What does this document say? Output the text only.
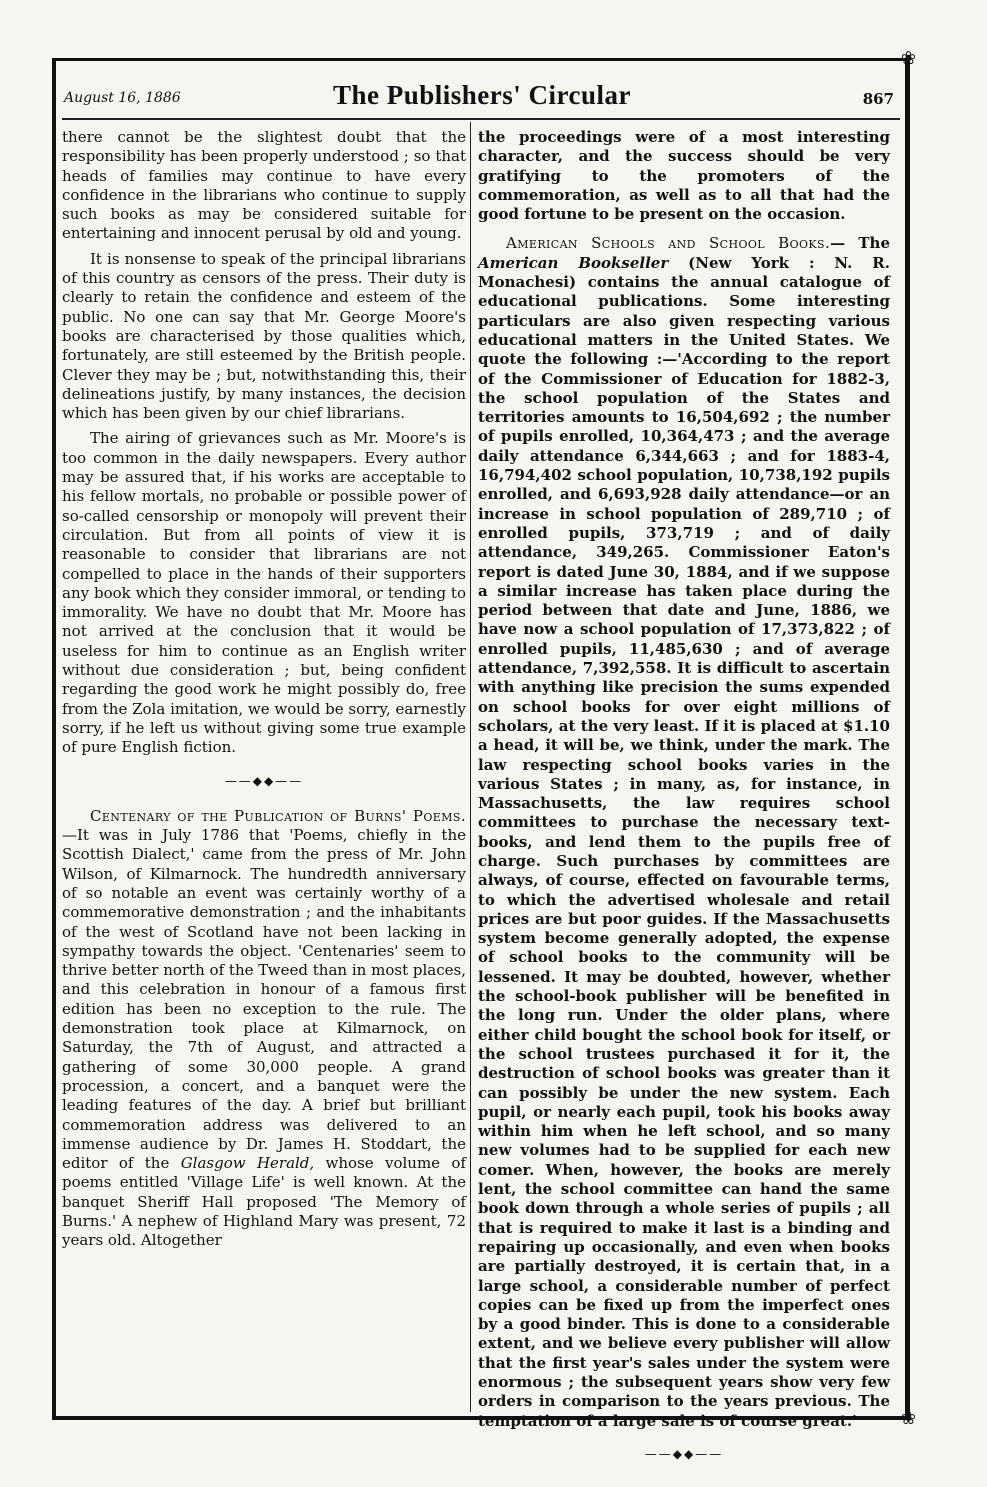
❀
❀
August 16, 1886	The Publishers' Circular	867

there cannot be the slightest doubt that the responsibility has been properly understood ; so that heads of families may continue to have every confidence in the librarians who continue to supply such books as may be considered suitable for entertaining and innocent perusal by old and young.

It is nonsense to speak of the principal librarians of this country as censors of the press. Their duty is clearly to retain the confidence and esteem of the public. No one can say that Mr. George Moore's books are characterised by those qualities which, fortunately, are still esteemed by the British people. Clever they may be ; but, notwithstanding this, their delineations justify, by many instances, the decision which has been given by our chief librarians.

The airing of grievances such as Mr. Moore's is too common in the daily newspapers. Every author may be assured that, if his works are acceptable to his fellow mortals, no probable or possible power of so-called censorship or monopoly will prevent their circulation. But from all points of view it is reasonable to consider that librarians are not compelled to place in the hands of their supporters any book which they consider immoral, or tending to immorality. We have no doubt that Mr. Moore has not arrived at the conclusion that it would be useless for him to continue as an English writer without due consideration ; but, being confident regarding the good work he might possibly do, free from the Zola imitation, we would be sorry, earnestly sorry, if he left us without giving some true example of pure English fiction.

——◆◆——

Centenary of the Publication of Burns' Poems.—It was in July 1786 that 'Poems, chiefly in the Scottish Dialect,' came from the press of Mr. John Wilson, of Kilmarnock. The hundredth anniversary of so notable an event was certainly worthy of a commemorative demonstration ; and the inhabitants of the west of Scotland have not been lacking in sympathy towards the object. 'Centenaries' seem to thrive better north of the Tweed than in most places, and this celebration in honour of a famous first edition has been no exception to the rule. The demonstration took place at Kilmarnock, on Saturday, the 7th of August, and attracted a gathering of some 30,000 people. A grand procession, a concert, and a banquet were the leading features of the day. A brief but brilliant commemoration address was delivered to an immense audience by Dr. James H. Stoddart, the editor of the Glasgow Herald, whose volume of poems entitled 'Village Life' is well known. At the banquet Sheriff Hall proposed 'The Memory of Burns.' A nephew of Highland Mary was present, 72 years old. Altogether

the proceedings were of a most interesting character, and the success should be very gratifying to the promoters of the commemoration, as well as to all that had the good fortune to be present on the occasion.

American Schools and School Books.— The American Bookseller (New York : N. R. Monachesi) contains the annual catalogue of educational publications. Some interesting particulars are also given respecting various educational matters in the United States. We quote the following :—'According to the report of the Commissioner of Education for 1882-3, the school population of the States and territories amounts to 16,504,692 ; the number of pupils enrolled, 10,364,473 ; and the average daily attendance 6,344,663 ; and for 1883-4, 16,794,402 school population, 10,738,192 pupils enrolled, and 6,693,928 daily attendance—or an increase in school population of 289,710 ; of enrolled pupils, 373,719 ; and of daily attendance, 349,265. Commissioner Eaton's report is dated June 30, 1884, and if we suppose a similar increase has taken place during the period between that date and June, 1886, we have now a school population of 17,373,822 ; of enrolled pupils, 11,485,630 ; and of average attendance, 7,392,558. It is difficult to ascertain with anything like precision the sums expended on school books for over eight millions of scholars, at the very least. If it is placed at $1.10 a head, it will be, we think, under the mark. The law respecting school books varies in the various States ; in many, as, for instance, in Massachusetts, the law requires school committees to purchase the necessary text-books, and lend them to the pupils free of charge. Such purchases by committees are always, of course, effected on favourable terms, to which the advertised wholesale and retail prices are but poor guides. If the Massachusetts system become generally adopted, the expense of school books to the community will be lessened. It may be doubted, however, whether the school-book publisher will be benefited in the long run. Under the older plans, where either child bought the school book for itself, or the school trustees purchased it for it, the destruction of school books was greater than it can possibly be under the new system. Each pupil, or nearly each pupil, took his books away within him when he left school, and so many new volumes had to be supplied for each new comer. When, however, the books are merely lent, the school committee can hand the same book down through a whole series of pupils ; all that is required to make it last is a binding and repairing up occasionally, and even when books are partially destroyed, it is certain that, in a large school, a considerable number of perfect copies can be fixed up from the imperfect ones by a good binder. This is done to a considerable extent, and we believe every publisher will allow that the first year's sales under the system were enormous ; the subsequent years show very few orders in comparison to the years previous. The temptation of a large sale is of course great.'

——◆◆——
